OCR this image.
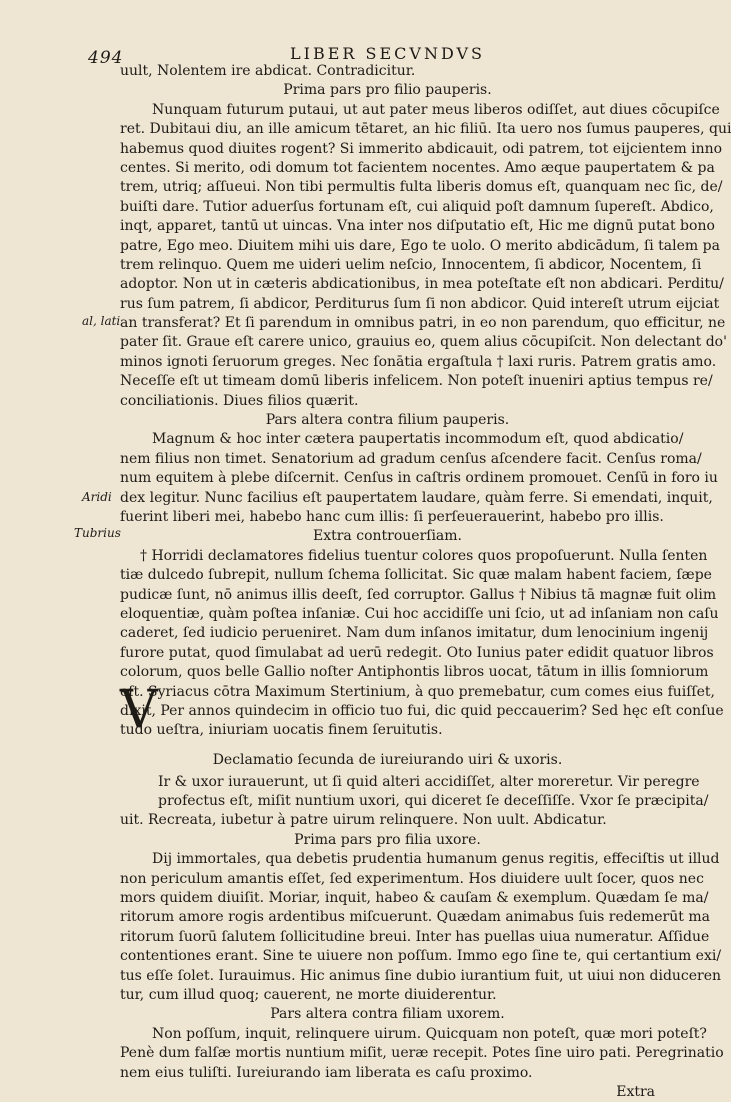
494	LIBER SECVNDVS
al, lati
Aridi
Tubrius
V
uult, Nolentem ire abdicat. Contradicitur.
Prima pars pro filio pauperis.
Nunquam futurum putaui, ut aut pater meus liberos odiſſet, aut diues cōcupiſce
ret. Dubitaui diu, an ille amicum tētaret, an hic filiū. Ita uero nos ſumus pauperes, qui
habemus quod diuites rogent? Si immerito abdicauit, odi patrem, tot eijcientem inno
centes. Si merito, odi domum tot facientem nocentes. Amo æque paupertatem & pa
trem, utriq; aſſueui. Non tibi permultis fulta liberis domus eſt, quanquam nec ſic, de/
buiſti dare. Tutior aduerſus fortunam eſt, cui aliquid poſt damnum ſupereſt. Abdico,
inqt, apparet, tantū ut uincas. Vna inter nos diſputatio eſt, Hic me dignū putat bono
patre, Ego meo. Diuitem mihi uis dare, Ego te uolo. O merito abdicādum, ſi talem pa
trem relinquo. Quem me uideri uelim neſcio, Innocentem, ſi abdicor, Nocentem, ſi
adoptor. Non ut in cæteris abdicationibus, in mea poteſtate eſt non abdicari. Perditu/
rus ſum patrem, ſi abdicor, Perditurus ſum ſi non abdicor. Quid intereſt utrum eijciat
an transferat? Et ſi parendum in omnibus patri, in eo non parendum, quo efficitur, ne
pater ſit. Graue eſt carere unico, grauius eo, quem alius cōcupiſcit. Non delectant do'
minos ignoti ſeruorum greges. Nec ſonātia ergaſtula † laxi ruris. Patrem gratis amo.
Neceſſe eſt ut timeam domū liberis infelicem. Non poteſt inueniri aptius tempus re/
conciliationis. Diues filios quærit.
Pars altera contra filium pauperis.
Magnum & hoc inter cætera paupertatis incommodum eſt, quod abdicatio/
nem filius non timet. Senatorium ad gradum cenſus aſcendere facit. Cenſus roma/
num equitem à plebe diſcernit. Cenſus in caſtris ordinem promouet. Cenſū in foro iu
dex legitur. Nunc facilius eſt paupertatem laudare, quàm ferre. Si emendati, inquit,
fuerint liberi mei, habebo hanc cum illis: ſi perſeuerauerint, habebo pro illis.
Extra controuerſiam.
† Horridi declamatores fidelius tuentur colores quos propoſuerunt. Nulla ſenten
tiæ dulcedo ſubrepit, nullum ſchema ſollicitat. Sic quæ malam habent faciem, ſæpe
pudicæ ſunt, nō animus illis deeſt, ſed corruptor. Gallus † Nibius tā magnæ fuit olim
eloquentiæ, quàm poſtea inſaniæ. Cui hoc accidiſſe uni ſcio, ut ad inſaniam non caſu
caderet, ſed iudicio perueniret. Nam dum inſanos imitatur, dum lenocinium ingenij
furore putat, quod ſimulabat ad uerū redegit. Oto Iunius pater edidit quatuor libros
colorum, quos belle Gallio noſter Antiphontis libros uocat, tātum in illis ſomniorum
eſt. Syriacus cōtra Maximum Stertinium, à quo premebatur, cum comes eius fuiſſet,
dixit, Per annos quindecim in officio tuo fui, dic quid peccauerim? Sed hęc eſt conſue
tudo ueſtra, iniuriam uocatis finem ſeruitutis.
Declamatio ſecunda de iureiurando uiri & uxoris.
Ir & uxor iurauerunt, ut ſi quid alteri accidiſſet, alter moreretur. Vir peregre
profectus eſt, miſit nuntium uxori, qui diceret ſe deceſſiſſe. Vxor ſe præcipita/
uit. Recreata, iubetur à patre uirum relinquere. Non uult. Abdicatur.
Prima pars pro filia uxore.
Dij immortales, qua debetis prudentia humanum genus regitis, effeciſtis ut illud
non periculum amantis eſſet, ſed experimentum. Hos diuidere uult ſocer, quos nec
mors quidem diuiſit. Moriar, inquit, habeo & cauſam & exemplum. Quædam ſe ma/
ritorum amore rogis ardentibus miſcuerunt. Quædam animabus ſuis redemerūt ma
ritorum ſuorū ſalutem ſollicitudine breui. Inter has puellas uiua numeratur. Aſſidue
contentiones erant. Sine te uiuere non poſſum. Immo ego ſine te, qui certantium exi/
tus eſſe ſolet. Iurauimus. Hic animus ſine dubio iurantium fuit, ut uiui non diduceren
tur, cum illud quoq; cauerent, ne morte diuiderentur.
Pars altera contra filiam uxorem.
Non poſſum, inquit, relinquere uirum. Quicquam non poteſt, quæ mori poteſt?
Penè dum falſæ mortis nuntium miſit, ueræ recepit. Potes ſine uiro pati. Peregrinatio
nem eius tuliſti. Iureiurando iam liberata es caſu proximo.
Extra
